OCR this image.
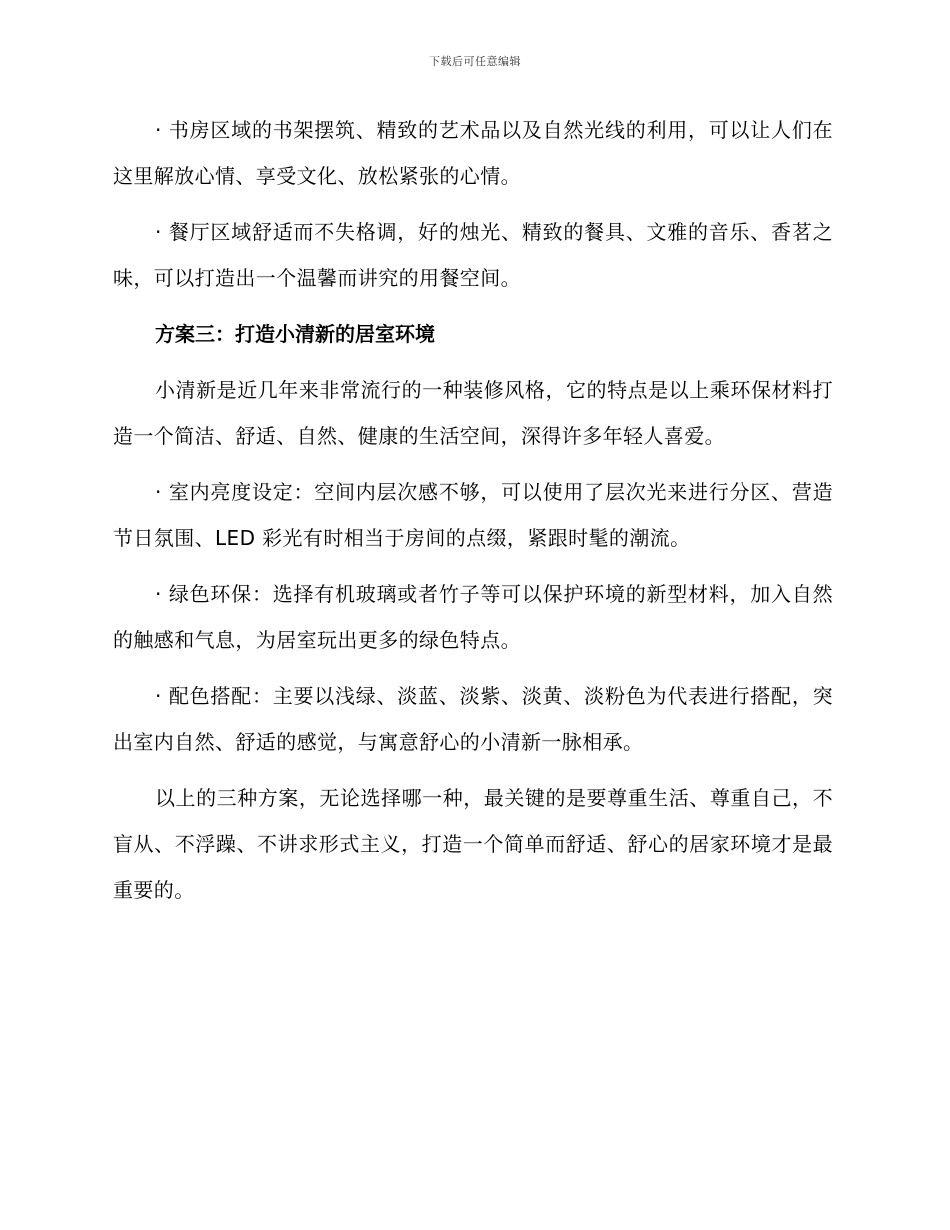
下载后可任意编辑

· 书房区域的书架摆筑、精致的艺术品以及自然光线的利用，可以让人们在这里解放心情、享受文化、放松紧张的心情。

· 餐厅区域舒适而不失格调，好的烛光、精致的餐具、文雅的音乐、香茗之味，可以打造出一个温馨而讲究的用餐空间。

方案三：打造小清新的居室环境

小清新是近几年来非常流行的一种装修风格，它的特点是以上乘环保材料打造一个简洁、舒适、自然、健康的生活空间，深得许多年轻人喜爱。

· 室内亮度设定：空间内层次感不够，可以使用了层次光来进行分区、营造节日氛围、LED 彩光有时相当于房间的点缀，紧跟时髦的潮流。

· 绿色环保：选择有机玻璃或者竹子等可以保护环境的新型材料，加入自然的触感和气息，为居室玩出更多的绿色特点。

· 配色搭配：主要以浅绿、淡蓝、淡紫、淡黄、淡粉色为代表进行搭配，突出室内自然、舒适的感觉，与寓意舒心的小清新一脉相承。

以上的三种方案，无论选择哪一种，最关键的是要尊重生活、尊重自己，不盲从、不浮躁、不讲求形式主义，打造一个简单而舒适、舒心的居家环境才是最重要的。
